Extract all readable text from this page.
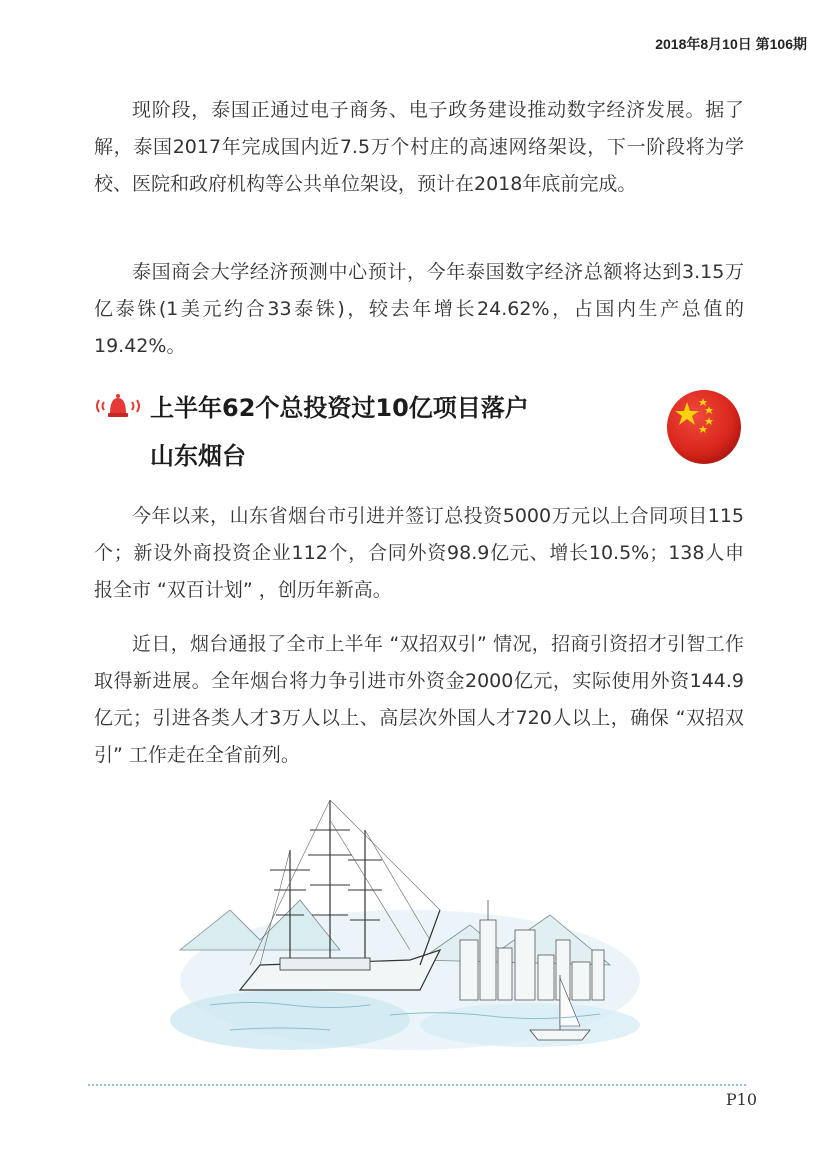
2018年8月10日 第106期

现阶段，泰国正通过电子商务、电子政务建设推动数字经济发展。据了解，泰国2017年完成国内近7.5万个村庄的高速网络架设，下一阶段将为学校、医院和政府机构等公共单位架设，预计在2018年底前完成。

泰国商会大学经济预测中心预计，今年泰国数字经济总额将达到3.15万亿泰铢(1美元约合33泰铢)，较去年增长24.62%，占国内生产总值的19.42%。

上半年62个总投资过10亿项目落户
山东烟台

今年以来，山东省烟台市引进并签订总投资5000万元以上合同项目115个；新设外商投资企业112个，合同外资98.9亿元、增长10.5%；138人申报全市 “双百计划” ，创历年新高。

近日，烟台通报了全市上半年 “双招双引” 情况，招商引资招才引智工作取得新进展。全年烟台将力争引进市外资金2000亿元，实际使用外资144.9亿元；引进各类人才3万人以上、高层次外国人才720人以上，确保 “双招双引” 工作走在全省前列。

P10
